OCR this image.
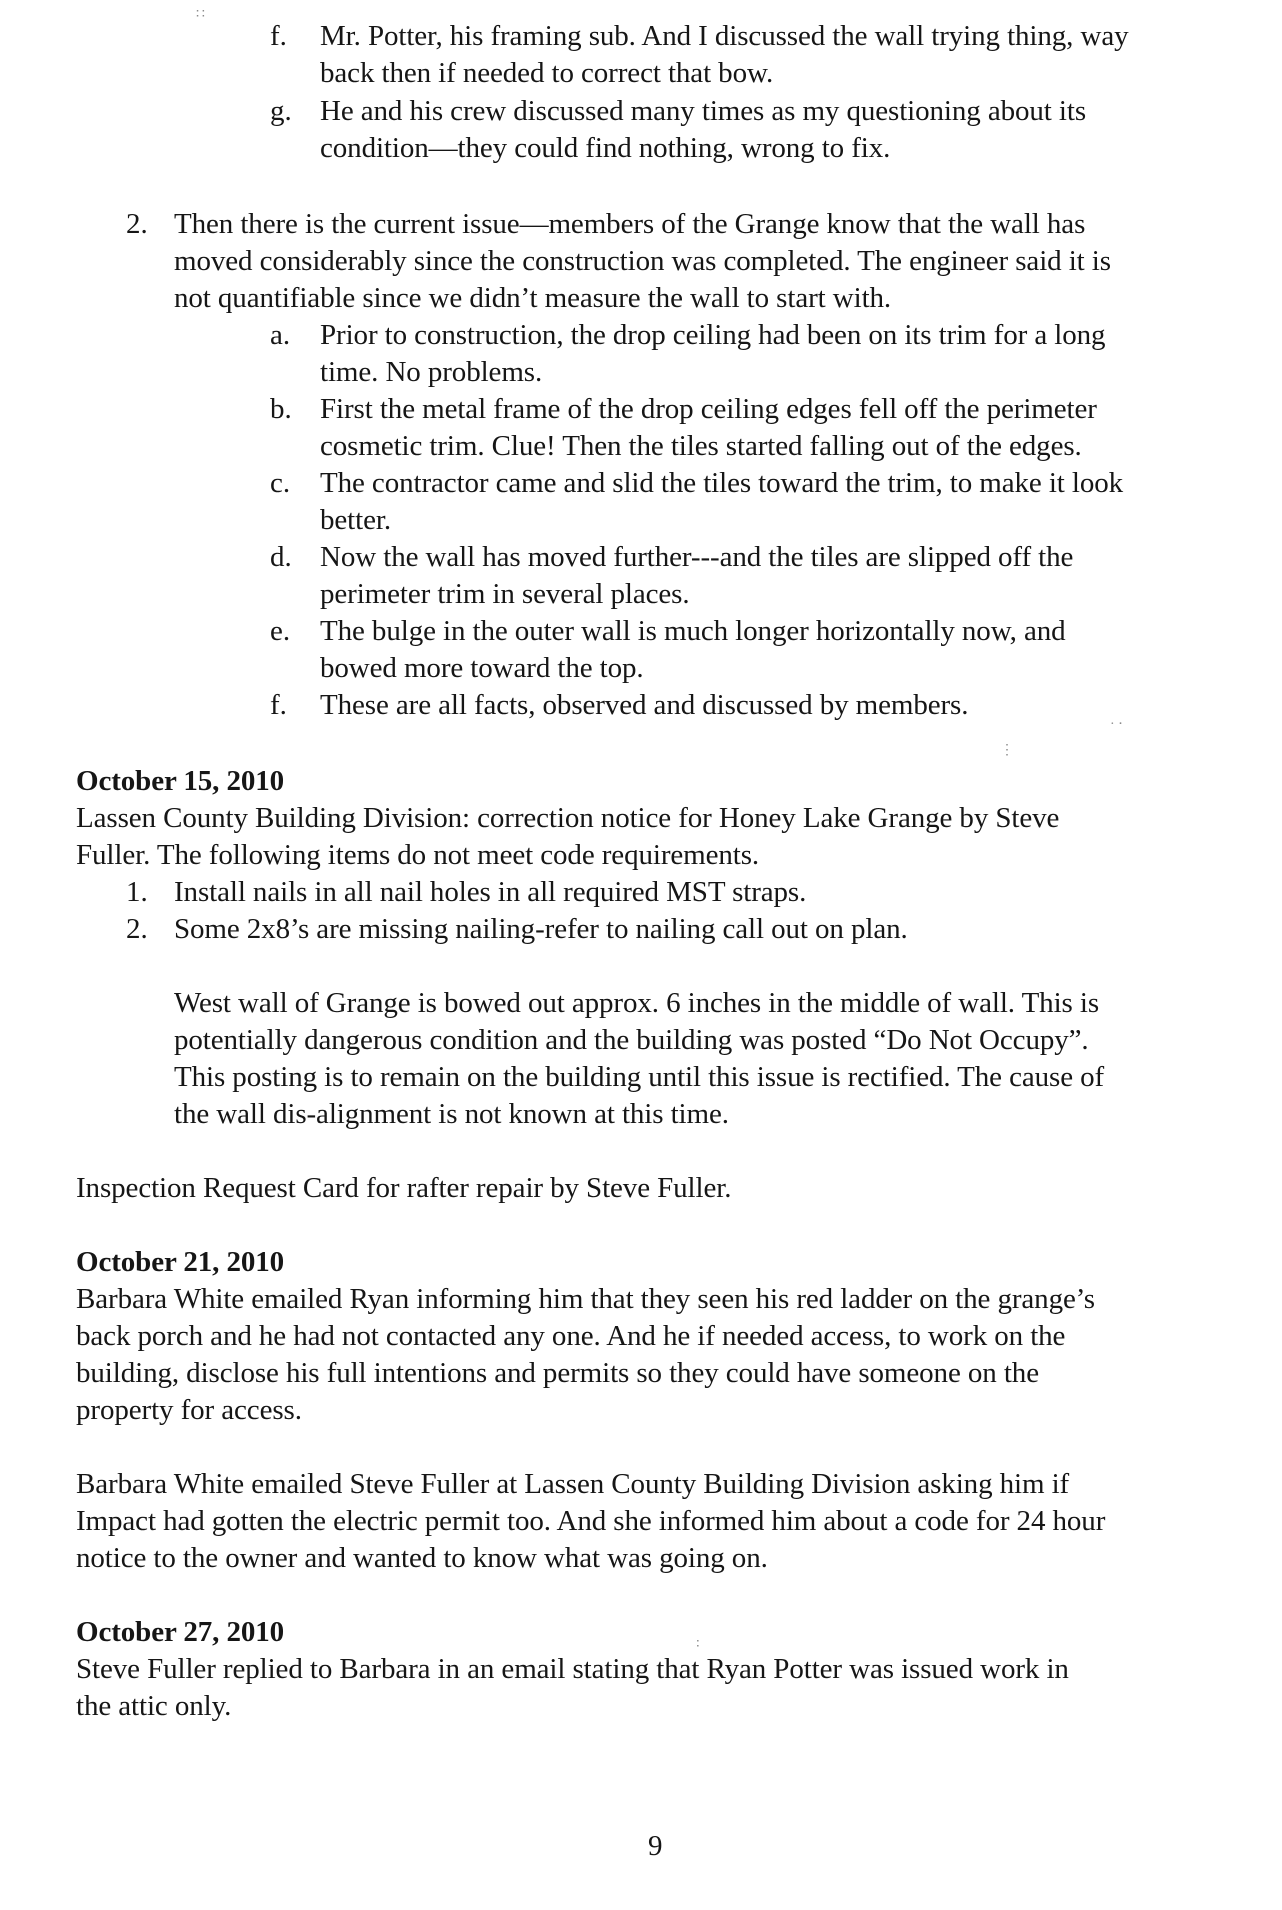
∷
f. Mr. Potter, his framing sub. And I discussed the wall trying thing, way
back then if needed to correct that bow.
g. He and his crew discussed many times as my questioning about its
condition—they could find nothing, wrong to fix.
2. Then there is the current issue—members of the Grange know that the wall has
moved considerably since the construction was completed. The engineer said it is
not quantifiable since we didn’t measure the wall to start with.
a. Prior to construction, the drop ceiling had been on its trim for a long
time. No problems.
b. First the metal frame of the drop ceiling edges fell off the perimeter
cosmetic trim. Clue! Then the tiles started falling out of the edges.
c. The contractor came and slid the tiles toward the trim, to make it look
better.
d. Now the wall has moved further---and the tiles are slipped off the
perimeter trim in several places.
e. The bulge in the outer wall is much longer horizontally now, and
bowed more toward the top.
f. These are all facts, observed and discussed by members.
· ⋅
⋮
October 15, 2010
Lassen County Building Division: correction notice for Honey Lake Grange by Steve
Fuller. The following items do not meet code requirements.
1. Install nails in all nail holes in all required MST straps.
2. Some 2x8’s are missing nailing-refer to nailing call out on plan.
West wall of Grange is bowed out approx. 6 inches in the middle of wall. This is
potentially dangerous condition and the building was posted “Do Not Occupy”.
This posting is to remain on the building until this issue is rectified. The cause of
the wall dis-alignment is not known at this time.
Inspection Request Card for rafter repair by Steve Fuller.
October 21, 2010
Barbara White emailed Ryan informing him that they seen his red ladder on the grange’s
back porch and he had not contacted any one. And he if needed access, to work on the
building, disclose his full intentions and permits so they could have someone on the
property for access.
Barbara White emailed Steve Fuller at Lassen County Building Division asking him if
Impact had gotten the electric permit too. And she informed him about a code for 24 hour
notice to the owner and wanted to know what was going on.
October 27, 2010
Steve Fuller replied to Barbara in an email stating that Ryan Potter was issued work in
the attic only.
∶
9
